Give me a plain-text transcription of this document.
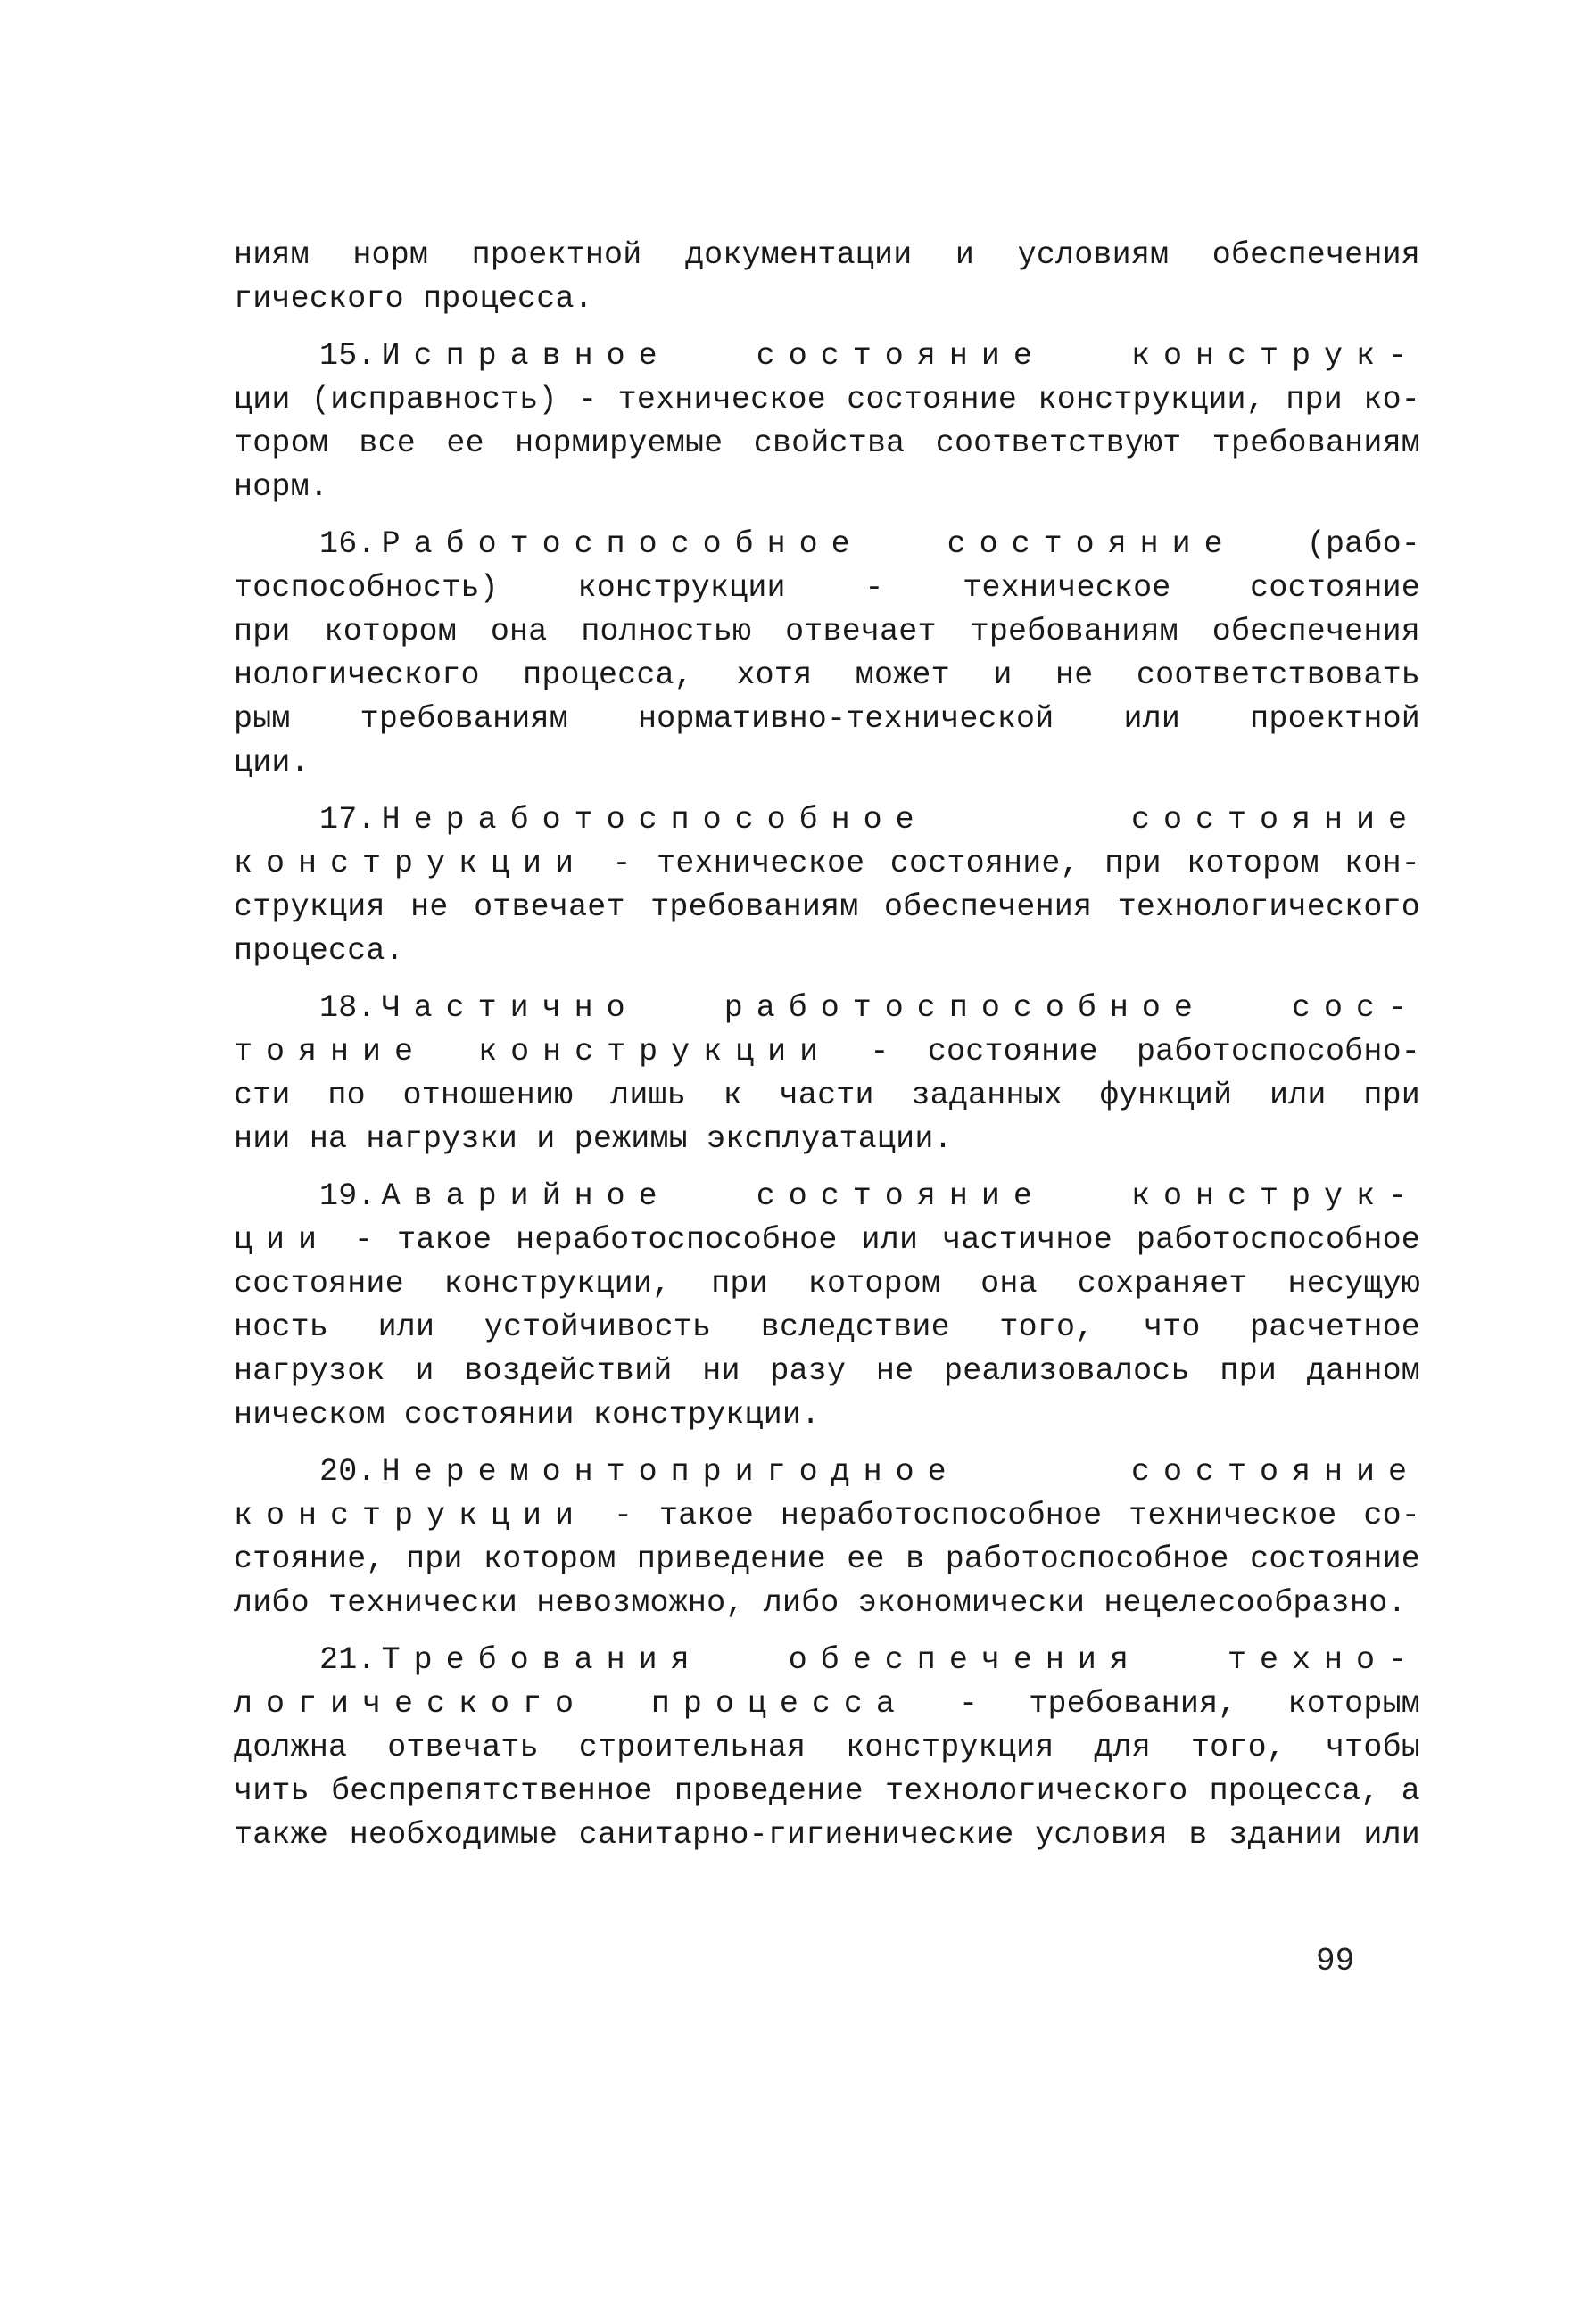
ниям норм проектной документации и условиям обеспечения
гического процесса.
15. Исправное состояние конструк-
ции (исправность) - техническое состояние конструкции, при ко-
тором все ее нормируемые свойства соответствуют требованиям
норм.
16. Работоспособное состояние (рабо-
тоспособность) конструкции - техническое состояние
при котором она полностью отвечает требованиям обеспечения
нологического процесса, хотя может и не соответствовать
рым требованиям нормативно-технической или проектной
ции.
17. Неработоспособное состояние
конструкции - техническое состояние, при котором кон-
струкция не отвечает требованиям обеспечения технологического
процесса.
18. Частично работоспособное сос-
тояние конструкции - состояние работоспособно-
сти по отношению лишь к части заданных функций или при
нии на нагрузки и режимы эксплуатации.
19. Аварийное состояние конструк-
ции - такое неработоспособное или частичное работоспособное
состояние конструкции, при котором она сохраняет несущую
ность или устойчивость вследствие того, что расчетное
нагрузок и воздействий ни разу не реализовалось при данном
ническом состоянии конструкции.
20. Неремонтопригодное состояние
конструкции - такое неработоспособное техническое со-
стояние, при котором приведение ее в работоспособное состояние
либо технически невозможно, либо экономически нецелесообразно.
21. Требования обеспечения техно-
логического процесса - требования, которым
должна отвечать строительная конструкция для того, чтобы
чить беспрепятственное проведение технологического процесса, а
также необходимые санитарно-гигиенические условия в здании или
99
